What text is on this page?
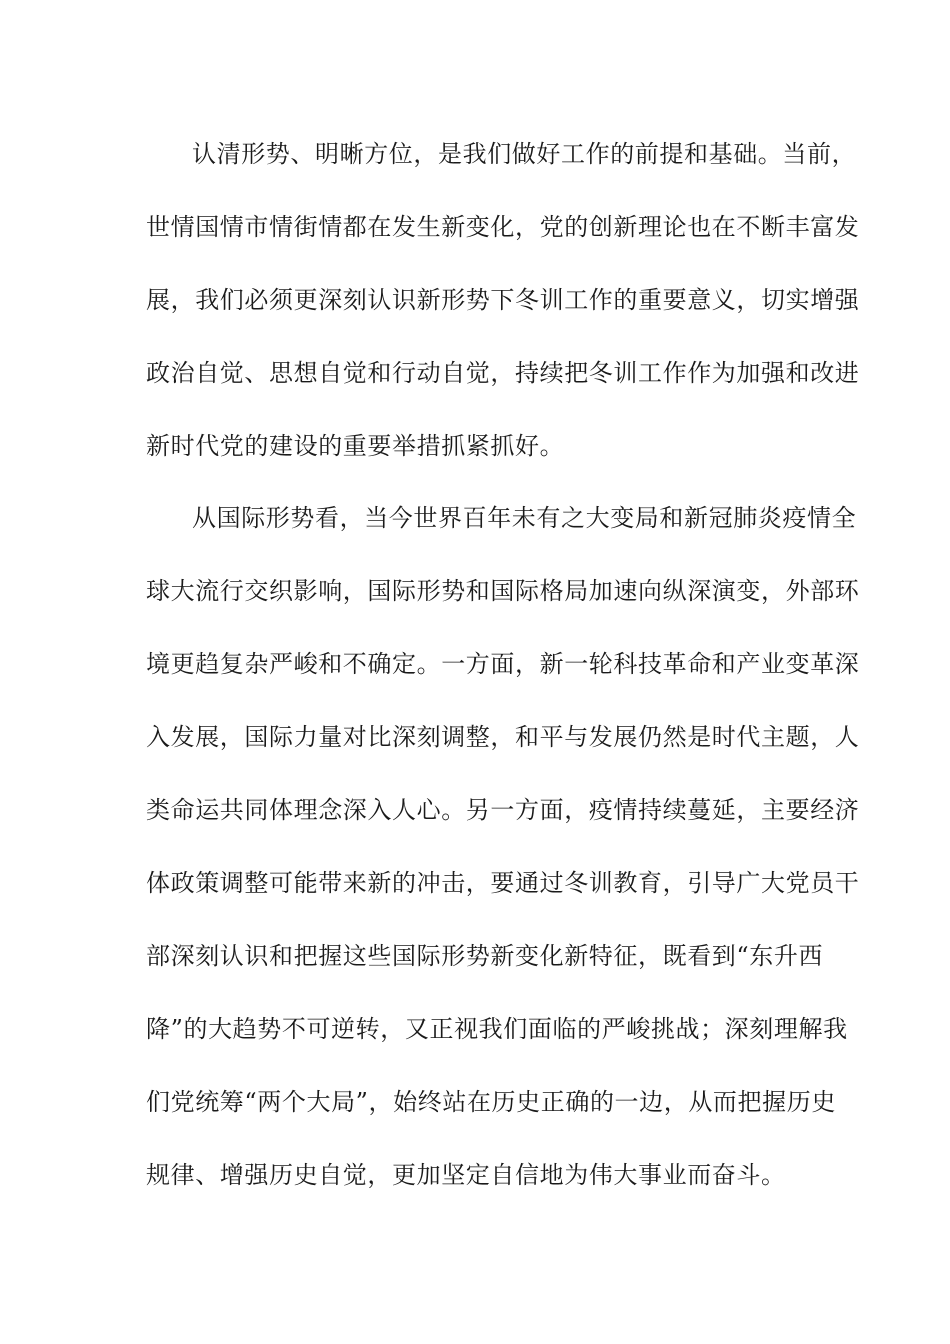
认清形势、明晰方位，是我们做好工作的前提和基础。当前，

世情国情市情街情都在发生新变化，党的创新理论也在不断丰富发

展，我们必须更深刻认识新形势下冬训工作的重要意义，切实增强

政治自觉、思想自觉和行动自觉，持续把冬训工作作为加强和改进

新时代党的建设的重要举措抓紧抓好。

从国际形势看，当今世界百年未有之大变局和新冠肺炎疫情全

球大流行交织影响，国际形势和国际格局加速向纵深演变，外部环

境更趋复杂严峻和不确定。一方面，新一轮科技革命和产业变革深

入发展，国际力量对比深刻调整，和平与发展仍然是时代主题，人

类命运共同体理念深入人心。另一方面，疫情持续蔓延，主要经济

体政策调整可能带来新的冲击，要通过冬训教育，引导广大党员干

部深刻认识和把握这些国际形势新变化新特征，既看到“东升西

降”的大趋势不可逆转，又正视我们面临的严峻挑战；深刻理解我

们党统筹“两个大局”，始终站在历史正确的一边，从而把握历史

规律、增强历史自觉，更加坚定自信地为伟大事业而奋斗。
